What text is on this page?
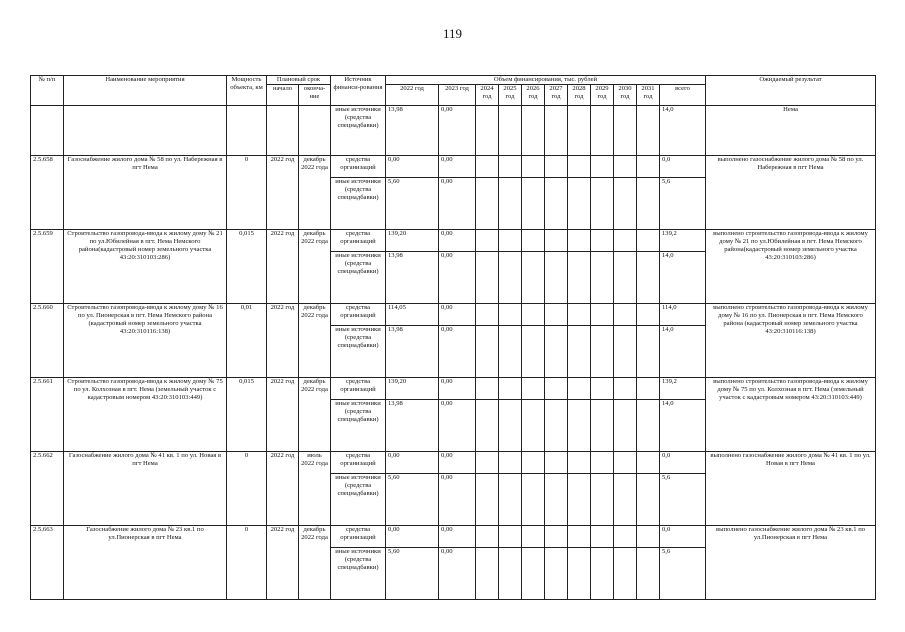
119
№ п/п	Наименование мероприятия	Мощность объекта, км	Плановый срок		Источник финанси-рования	Объем финансирования, тыс. рублей											Ожидаемый результат
			начало	оконча-ние		2022 год	2023 год	2024 год	2025 год	2026 год	2027 год	2028 год	2029 год	2030 год	2031 год	всего	
					иные источники (средства спецнадбавки)	13,98	0,00									14,0	Нема
2.5.658	Газоснабжение жилого дома № 58 по ул. Набережная в пгт Нема	0	2022 год	декабрь 2022 года	средства организаций	0,00	0,00									0,0	выполнено газоснабжение жилого дома № 58 по ул. Набережная в пгт Нема
					иные источники (средства спецнадбавки)	5,60	0,00									5,6	
2.5.659	Строительство газопровода-ввода к жилому дому № 21 по ул.Юбилейная в пгт. Нема Немского района(кадастровый номер земельного участка 43:20:310103:286)	0,015	2022 год	декабрь 2022 года	средства организаций	139,20	0,00									139,2	выполнено строительство газопровода-ввода к жилому дому № 21 по ул.Юбилейная в пгт. Нема Немского района(кадастровый номер земельного участка 43:20:310103:286)
					иные источники (средства спецнадбавки)	13,98	0,00									14,0	
2.5.660	Строительство газопровода-ввода к жилому дому № 16 по ул. Пионерская в пгт. Нема Немского района (кадастровый номер земельного участка 43:20:310116:138)	0,01	2022 год	декабрь 2022 года	средства организаций	114,05	0,00									114,0	выполнено строительство газопровода-ввода к жилому дому № 16 по ул. Пионерская в пгт. Нема Немского района (кадастровый номер земельного участка 43:20:310116:138)
					иные источники (средства спецнадбавки)	13,98	0,00									14,0	
2.5.661	Строительство газопровода-ввода к жилому дому № 75 по ул. Колхозная в пгт. Нема (земельный участок с кадастровым номером 43:20:310103:449)	0,015	2022 год	декабрь 2022 года	средства организаций	139,20	0,00									139,2	выполнено строительство газопровода-ввода к жилому дому № 75 по ул. Колхозная в пгт. Нема (земельный участок с кадастровым номером 43:20:310103:449)
					иные источники (средства спецнадбавки)	13,98	0,00									14,0	
2.5.662	Газоснабжение жилого дома № 41 кв. 1 по ул. Новая в пгт Нема	0	2022 год	июль 2022 года	средства организаций	0,00	0,00									0,0	выполнено газоснабжение жилого дома № 41 кв. 1 по ул. Новая в пгт Нема
					иные источники (средства спецнадбавки)	5,60	0,00									5,6	
2.5.663	Газоснабжение жилого дома № 23 кв.1 по ул.Пионерская в пгт Нема	0	2022 год	декабрь 2022 года	средства организаций	0,00	0,00									0,0	выполнено газоснабжение жилого дома № 23 кв.1 по ул.Пионерская в пгт Нема
					иные источники (средства спецнадбавки)	5,60	0,00									5,6	
